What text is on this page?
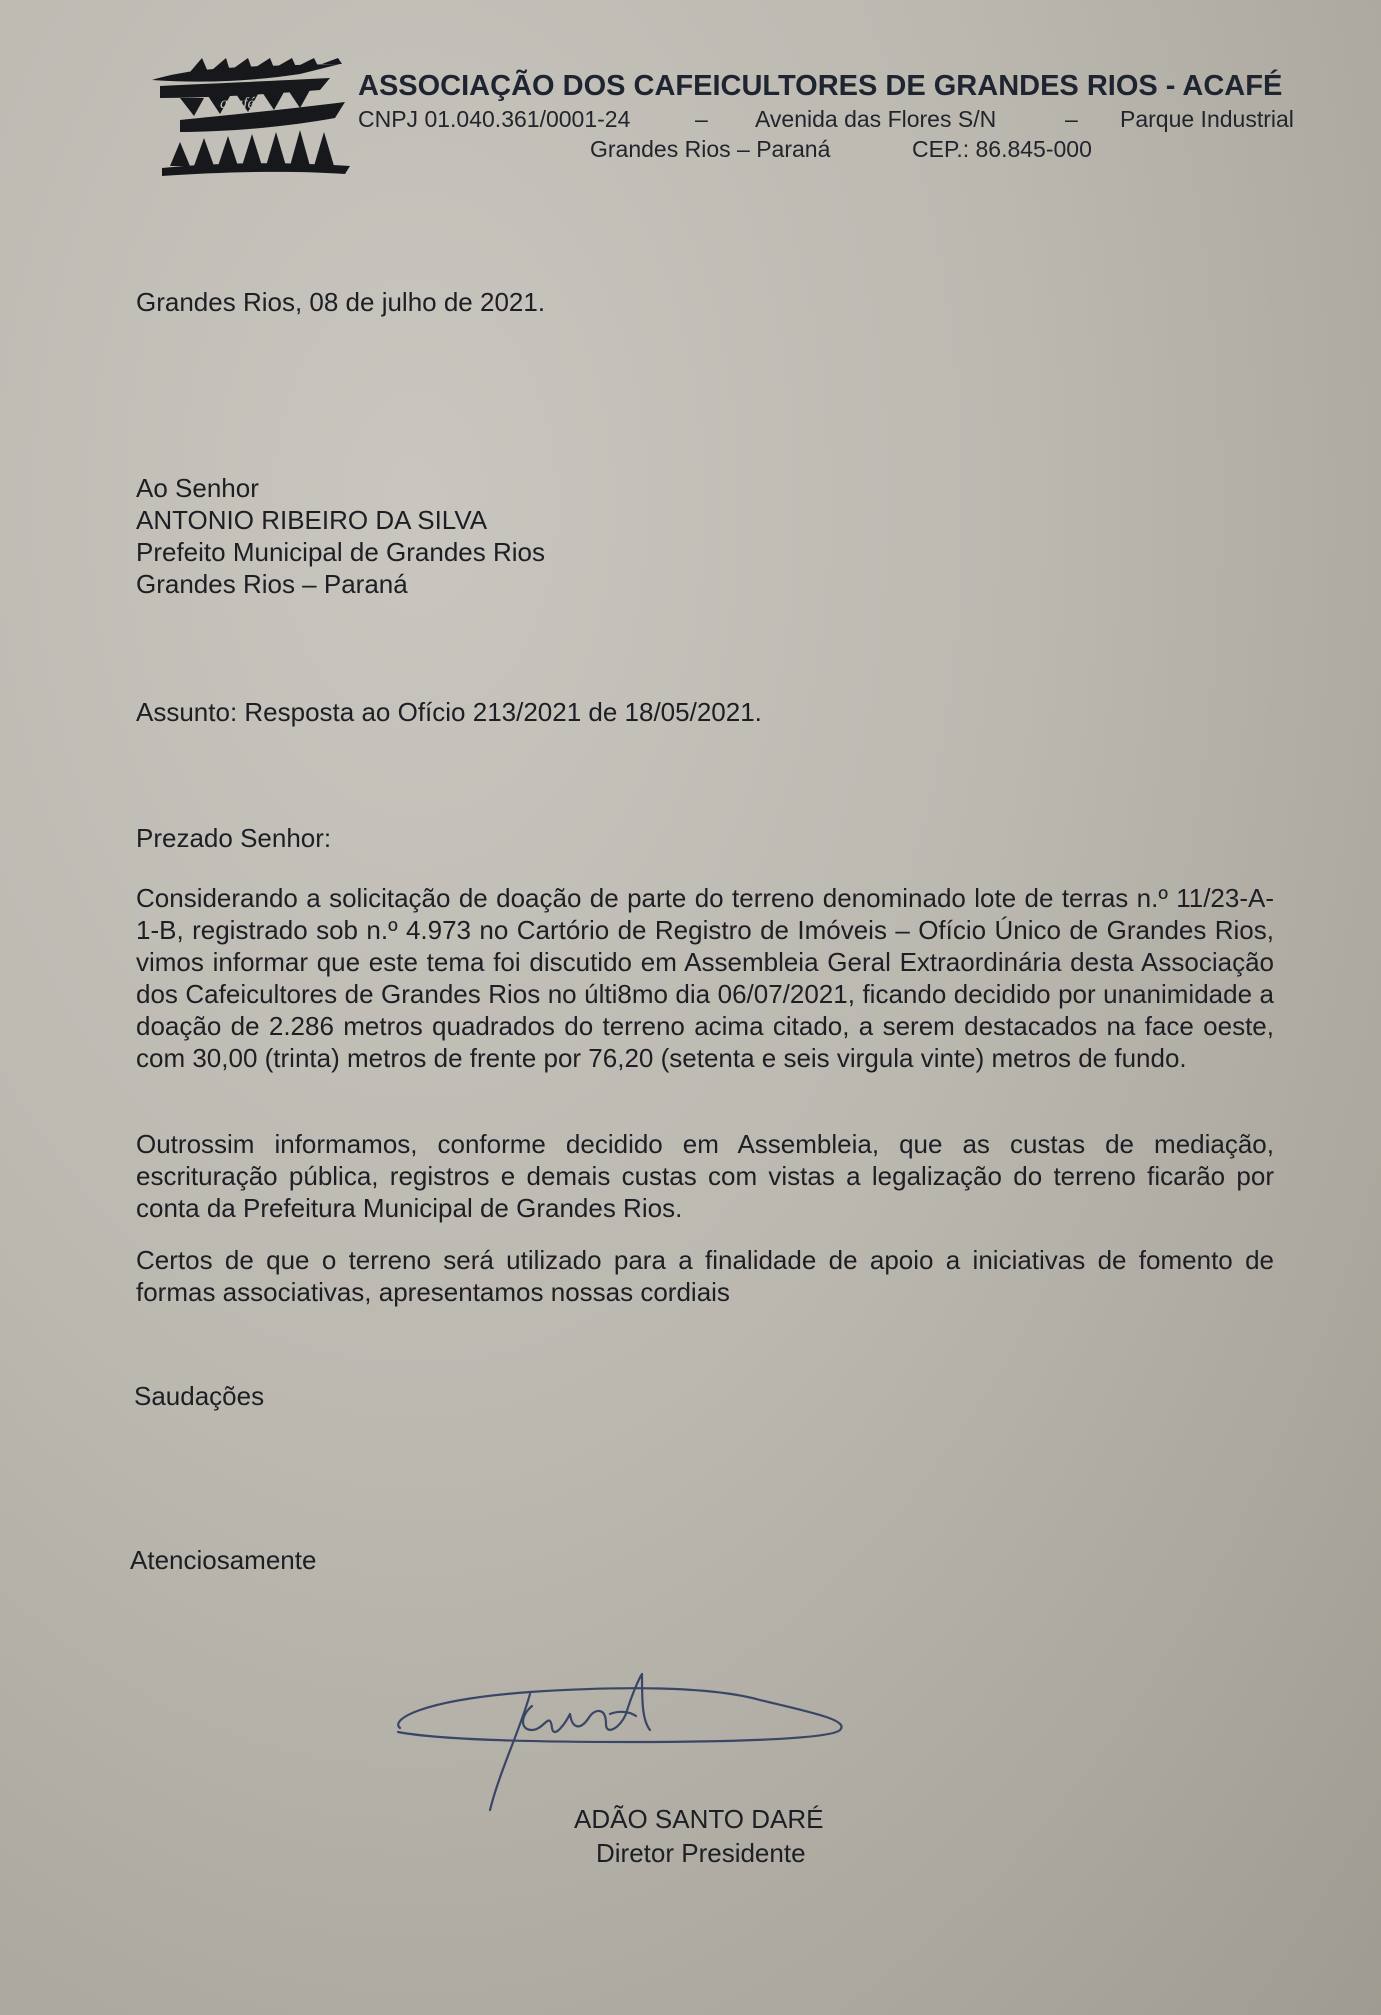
acafé
ASSOCIAÇÃO DOS CAFEICULTORES DE GRANDES RIOS - ACAFÉ
CNPJ 01.040.361/0001-24	– Avenida das Flores S/N	– Parque Industrial
Grandes Rios – Paraná	CEP.: 86.845-000
Grandes Rios, 08 de julho de 2021.
Ao Senhor
ANTONIO RIBEIRO DA SILVA
Prefeito Municipal de Grandes Rios
Grandes Rios – Paraná
Assunto: Resposta ao Ofício 213/2021 de 18/05/2021.
Prezado Senhor:
Considerando a solicitação de doação de parte do terreno denominado lote de terras n.º 11/23-A-1-B, registrado sob n.º 4.973 no Cartório de Registro de Imóveis – Ofício Único de Grandes Rios, vimos informar que este tema foi discutido em Assembleia Geral Extraordinária desta Associação dos Cafeicultores de Grandes Rios no últi8mo dia 06/07/2021, ficando decidido por unanimidade a doação de 2.286 metros quadrados do terreno acima citado, a serem destacados na face oeste, com 30,00 (trinta) metros de frente por 76,20 (setenta e seis virgula vinte) metros de fundo.
Outrossim informamos, conforme decidido em Assembleia, que as custas de mediação, escrituração pública, registros e demais custas com vistas a legalização do terreno ficarão por conta da Prefeitura Municipal de Grandes Rios.
Certos de que o terreno será utilizado para a finalidade de apoio a iniciativas de fomento de formas associativas, apresentamos nossas cordiais
Saudações
Atenciosamente
ADÃO SANTO DARÉ
Diretor Presidente
